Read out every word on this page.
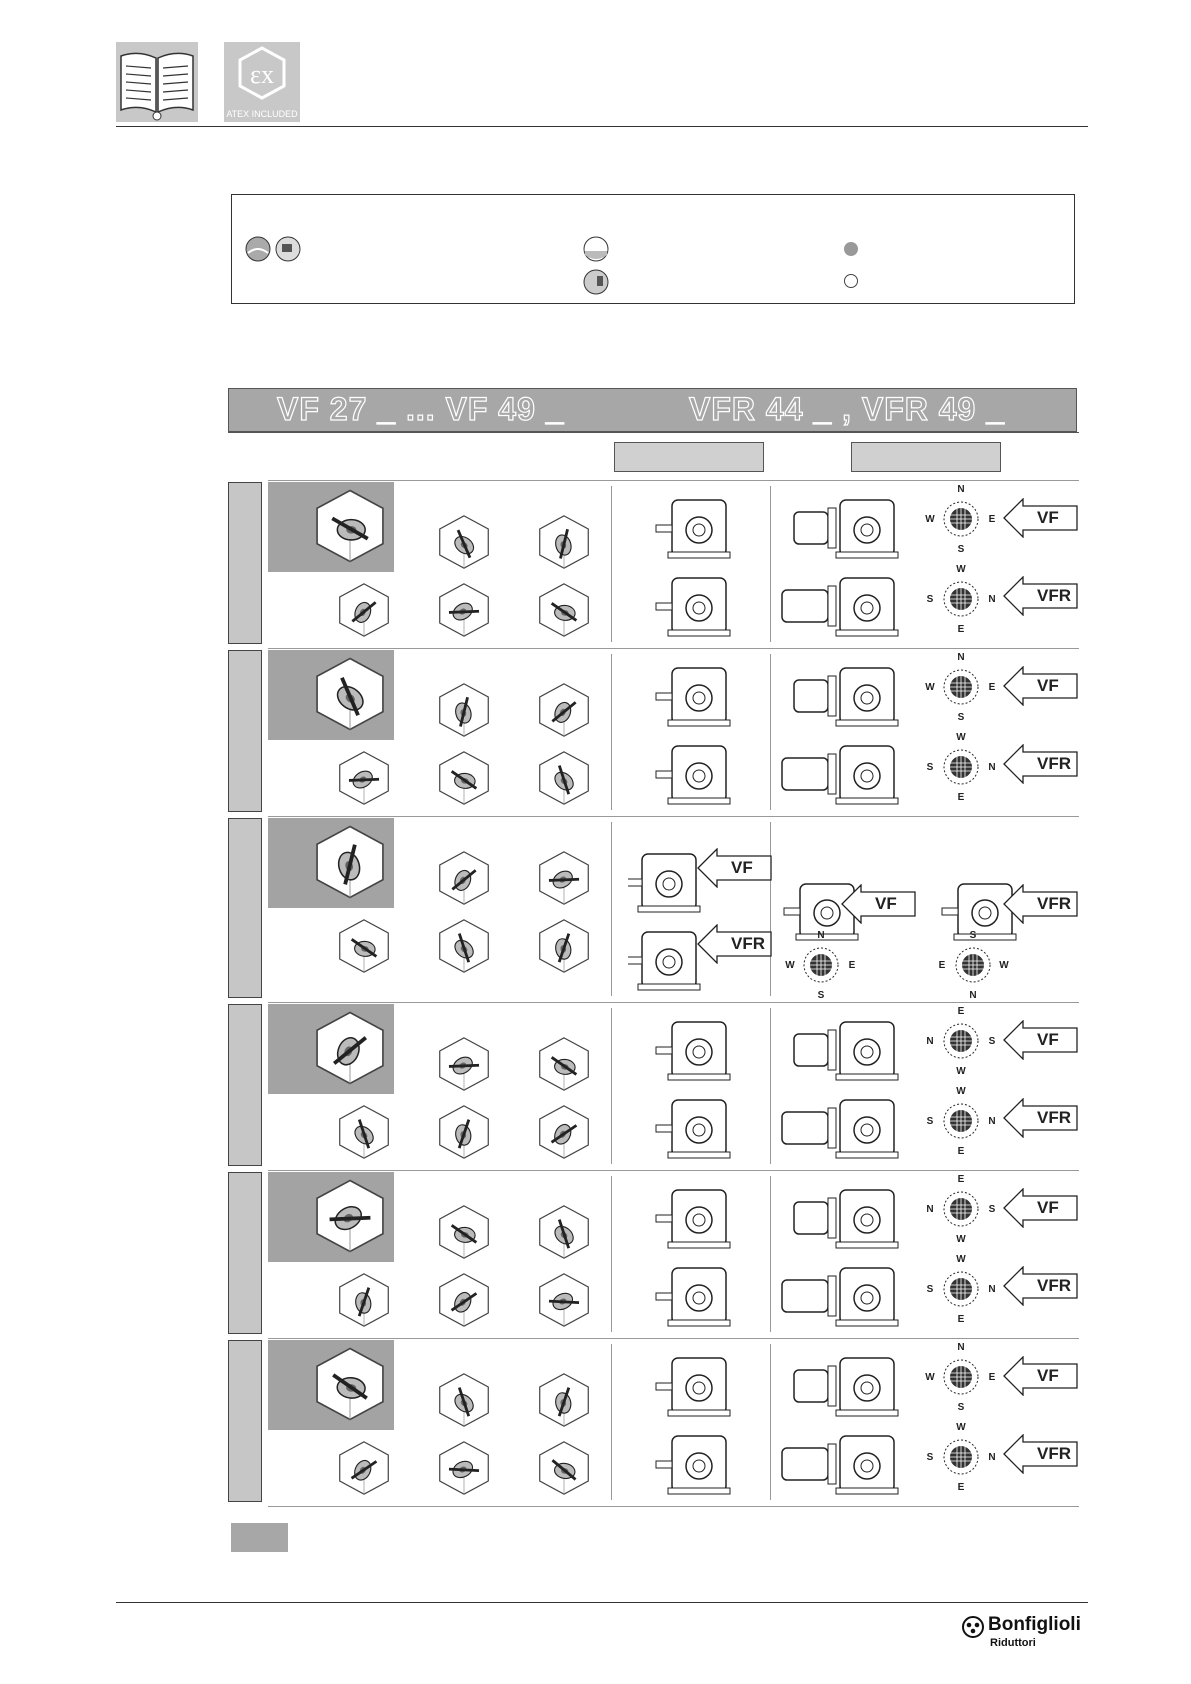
εx
ATEX INCLUDED
VF 27 _ ... VF 49 _	VFR 44 _ , VFR 49 _
N
S
E
W
W
E
N
S
VF
VFR
N
S
E
W
W
E
N
S
VF
VFR
VF
VFR
VF	VFR
N
S
E
W
S
N
W
E
E
W
S
N
W
E
N
S
VF
VFR
E
W
S
N
W
E
N
S
VF
VFR
N
S
E
W
W
E
N
S
VF
VFR
Bonfiglioli
Riduttori
